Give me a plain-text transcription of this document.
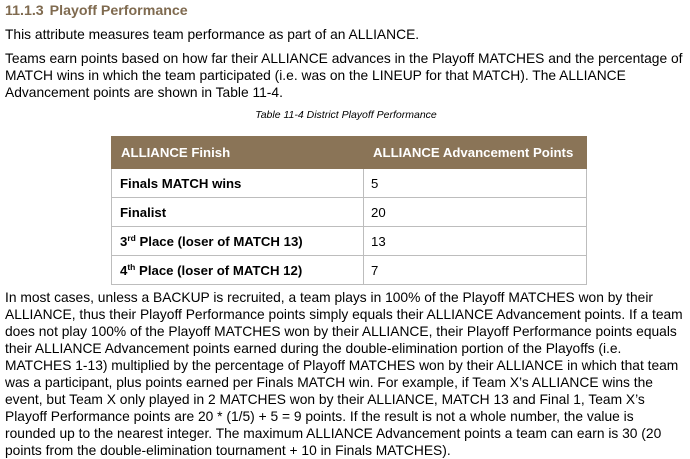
11.1.3 Playoff Performance
This attribute measures team performance as part of an ALLIANCE.
Teams earn points based on how far their ALLIANCE advances in the Playoff MATCHES and the percentage of MATCH wins in which the team participated (i.e. was on the LINEUP for that MATCH). The ALLIANCE Advancement points are shown in Table 11-4.
Table 11-4 District Playoff Performance
ALLIANCE Finish	ALLIANCE Advancement Points
Finals MATCH wins	5
Finalist	20
3rd Place (loser of MATCH 13)	13
4th Place (loser of MATCH 12)	7
In most cases, unless a BACKUP is recruited, a team plays in 100% of the Playoff MATCHES won by their ALLIANCE, thus their Playoff Performance points simply equals their ALLIANCE Advancement points. If a team does not play 100% of the Playoff MATCHES won by their ALLIANCE, their Playoff Performance points equals their ALLIANCE Advancement points earned during the double-elimination portion of the Playoffs (i.e. MATCHES 1-13) multiplied by the percentage of Playoff MATCHES won by their ALLIANCE in which that team was a participant, plus points earned per Finals MATCH win. For example, if Team X’s ALLIANCE wins the event, but Team X only played in 2 MATCHES won by their ALLIANCE, MATCH 13 and Final 1, Team X’s Playoff Performance points are 20 * (1/5) + 5 = 9 points. If the result is not a whole number, the value is rounded up to the nearest integer. The maximum ALLIANCE Advancement points a team can earn is 30 (20 points from the double-elimination tournament + 10 in Finals MATCHES).
